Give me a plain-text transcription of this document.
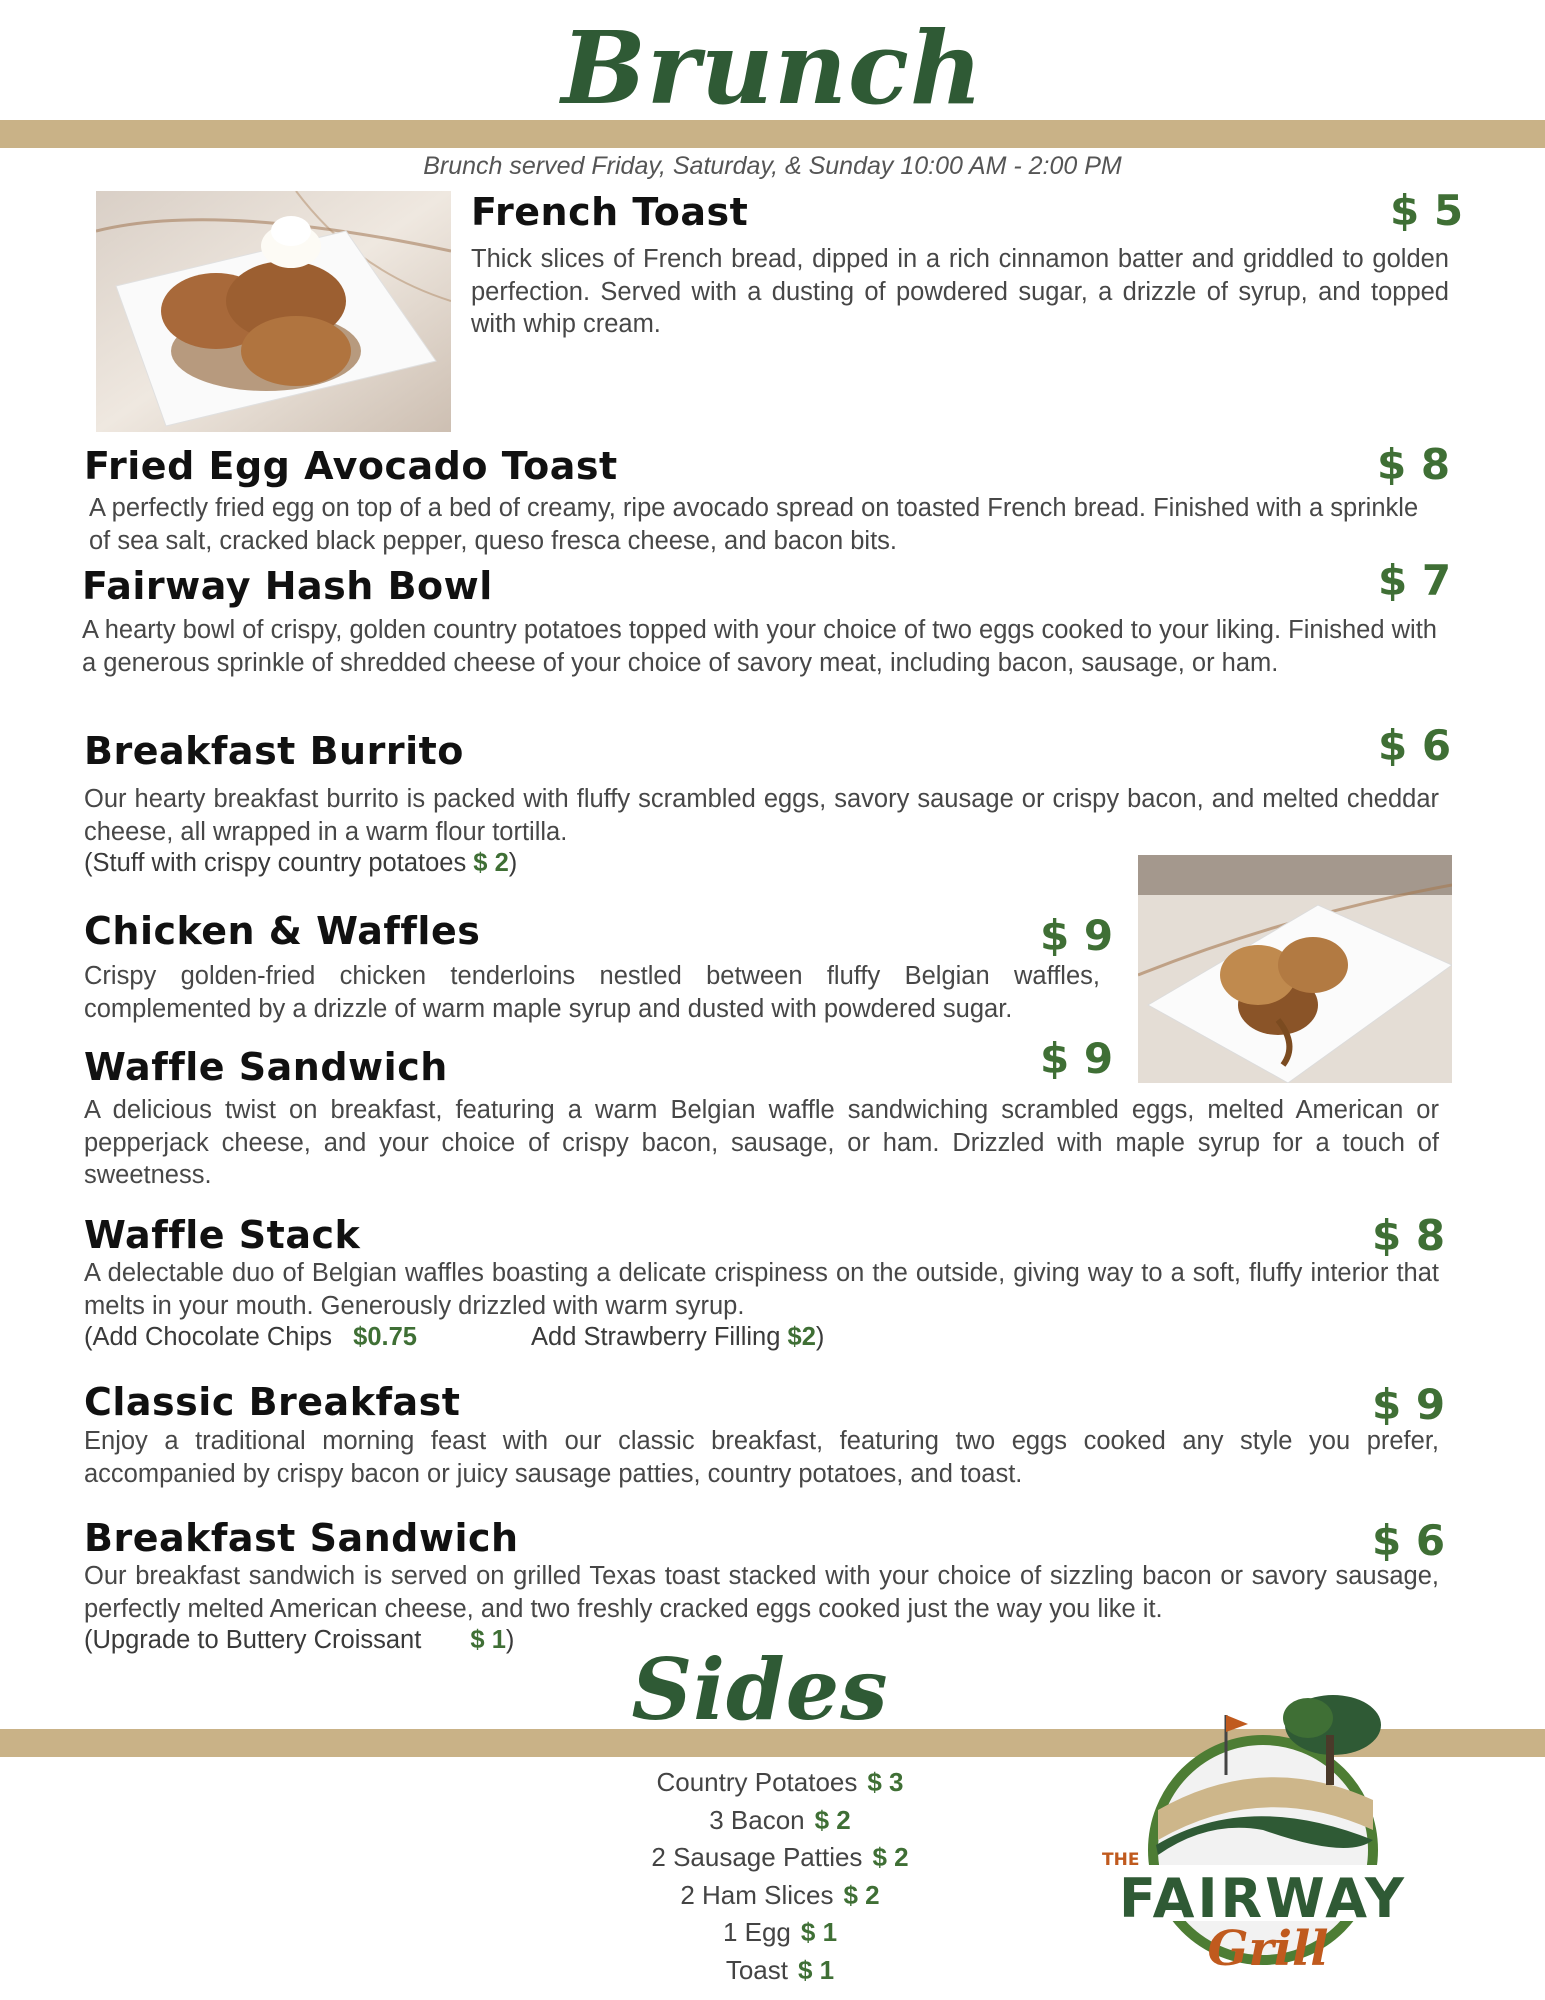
Brunch
Brunch served Friday, Saturday, & Sunday 10:00 AM - 2:00 PM
French Toast	$ 5
Thick slices of French bread, dipped in a rich cinnamon batter and griddled to golden perfection. Served with a dusting of powdered sugar, a drizzle of syrup, and topped with whip cream.
Fried Egg Avocado Toast	$ 8
A perfectly fried egg on top of a bed of creamy, ripe avocado spread on toasted French bread. Finished with a sprinkle of sea salt, cracked black pepper, queso fresca cheese, and bacon bits.
Fairway Hash Bowl	$ 7
A hearty bowl of crispy, golden country potatoes topped with your choice of two eggs cooked to your liking. Finished with a generous sprinkle of shredded cheese of your choice of savory meat, including bacon, sausage, or ham.
Breakfast Burrito	$ 6
Our hearty breakfast burrito is packed with fluffy scrambled eggs, savory sausage or crispy bacon, and melted cheddar cheese, all wrapped in a warm flour tortilla.
(Stuff with crispy country potatoes $ 2)
Chicken & Waffles	$ 9
Crispy golden-fried chicken tenderloins nestled between fluffy Belgian waffles, complemented by a drizzle of warm maple syrup and dusted with powdered sugar.
Waffle Sandwich	$ 9
A delicious twist on breakfast, featuring a warm Belgian waffle sandwiching scrambled eggs, melted American or pepperjack cheese, and your choice of crispy bacon, sausage, or ham. Drizzled with maple syrup for a touch of sweetness.
Waffle Stack	$ 8
A delectable duo of Belgian waffles boasting a delicate crispiness on the outside, giving way to a soft, fluffy interior that melts in your mouth. Generously drizzled with warm syrup.
(Add Chocolate Chips $0.75	Add Strawberry Filling $2)
Classic Breakfast	$ 9
Enjoy a traditional morning feast with our classic breakfast, featuring two eggs cooked any style you prefer, accompanied by crispy bacon or juicy sausage patties, country potatoes, and toast.
Breakfast Sandwich	$ 6
Our breakfast sandwich is served on grilled Texas toast stacked with your choice of sizzling bacon or savory sausage, perfectly melted American cheese, and two freshly cracked eggs cooked just the way you like it.
(Upgrade to Buttery Croissant $ 1)	Sides
Country Potatoes $ 3
3 Bacon $ 2
2 Sausage Patties $ 2
2 Ham Slices $ 2
1 Egg $ 1
Toast $ 1
THE
FAIRWAY
Grill
